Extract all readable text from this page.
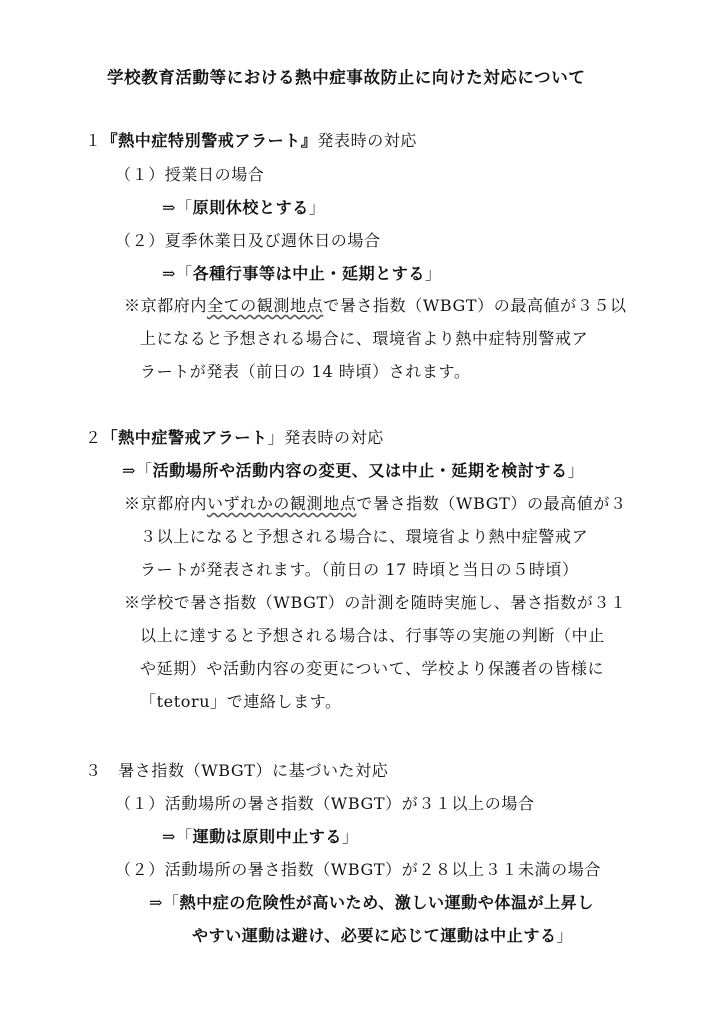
学校教育活動等における熱中症事故防止に向けた対応について
１『熱中症特別警戒アラート』発表時の対応
（１）授業日の場合
⇒「原則休校とする」
（２）夏季休業日及び週休日の場合
⇒「各種行事等は中止・延期とする」
※京都府内全ての観測地点で暑さ指数（WBGT）の最高値が３５以
上になると予想される場合に、環境省より熱中症特別警戒ア
ラートが発表（前日の 14 時頃）されます。
２「熱中症警戒アラート」発表時の対応
⇒「活動場所や活動内容の変更、又は中止・延期を検討する」
※京都府内いずれかの観測地点で暑さ指数（WBGT）の最高値が３
３以上になると予想される場合に、環境省より熱中症警戒ア
ラートが発表されます。（前日の 17 時頃と当日の５時頃）
※学校で暑さ指数（WBGT）の計測を随時実施し、暑さ指数が３１
以上に達すると予想される場合は、行事等の実施の判断（中止
や延期）や活動内容の変更について、学校より保護者の皆様に
「tetoru」で連絡します。
３　暑さ指数（WBGT）に基づいた対応
（１）活動場所の暑さ指数（WBGT）が３１以上の場合
⇒「運動は原則中止する」
（２）活動場所の暑さ指数（WBGT）が２８以上３１未満の場合
⇒「熱中症の危険性が高いため、激しい運動や体温が上昇し
やすい運動は避け、必要に応じて運動は中止する」
